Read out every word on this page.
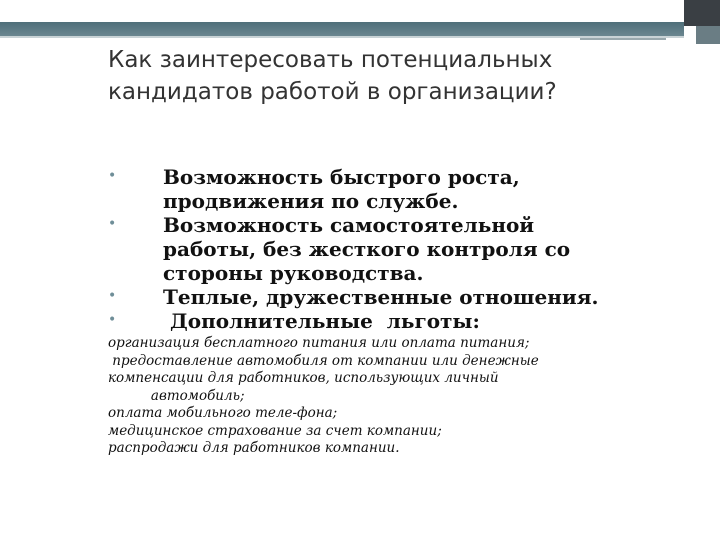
Как заинтересовать потенциальных
кандидатов работой в организации?
• Возможность быстрого роста,
продвижения по службе.
• Возможность самостоятельной
работы, без жесткого контроля со
стороны руководства.
• Теплые, дружественные отношения.
• Дополнительные  льготы:
организация бесплатного питания или оплата питания;
предоставление автомобиля от компании или денежные
компенсации для работников, использующих личный
автомобиль;
оплата мобильного теле-фона;
медицинское страхование за счет компании;
распродажи для работников компании.
